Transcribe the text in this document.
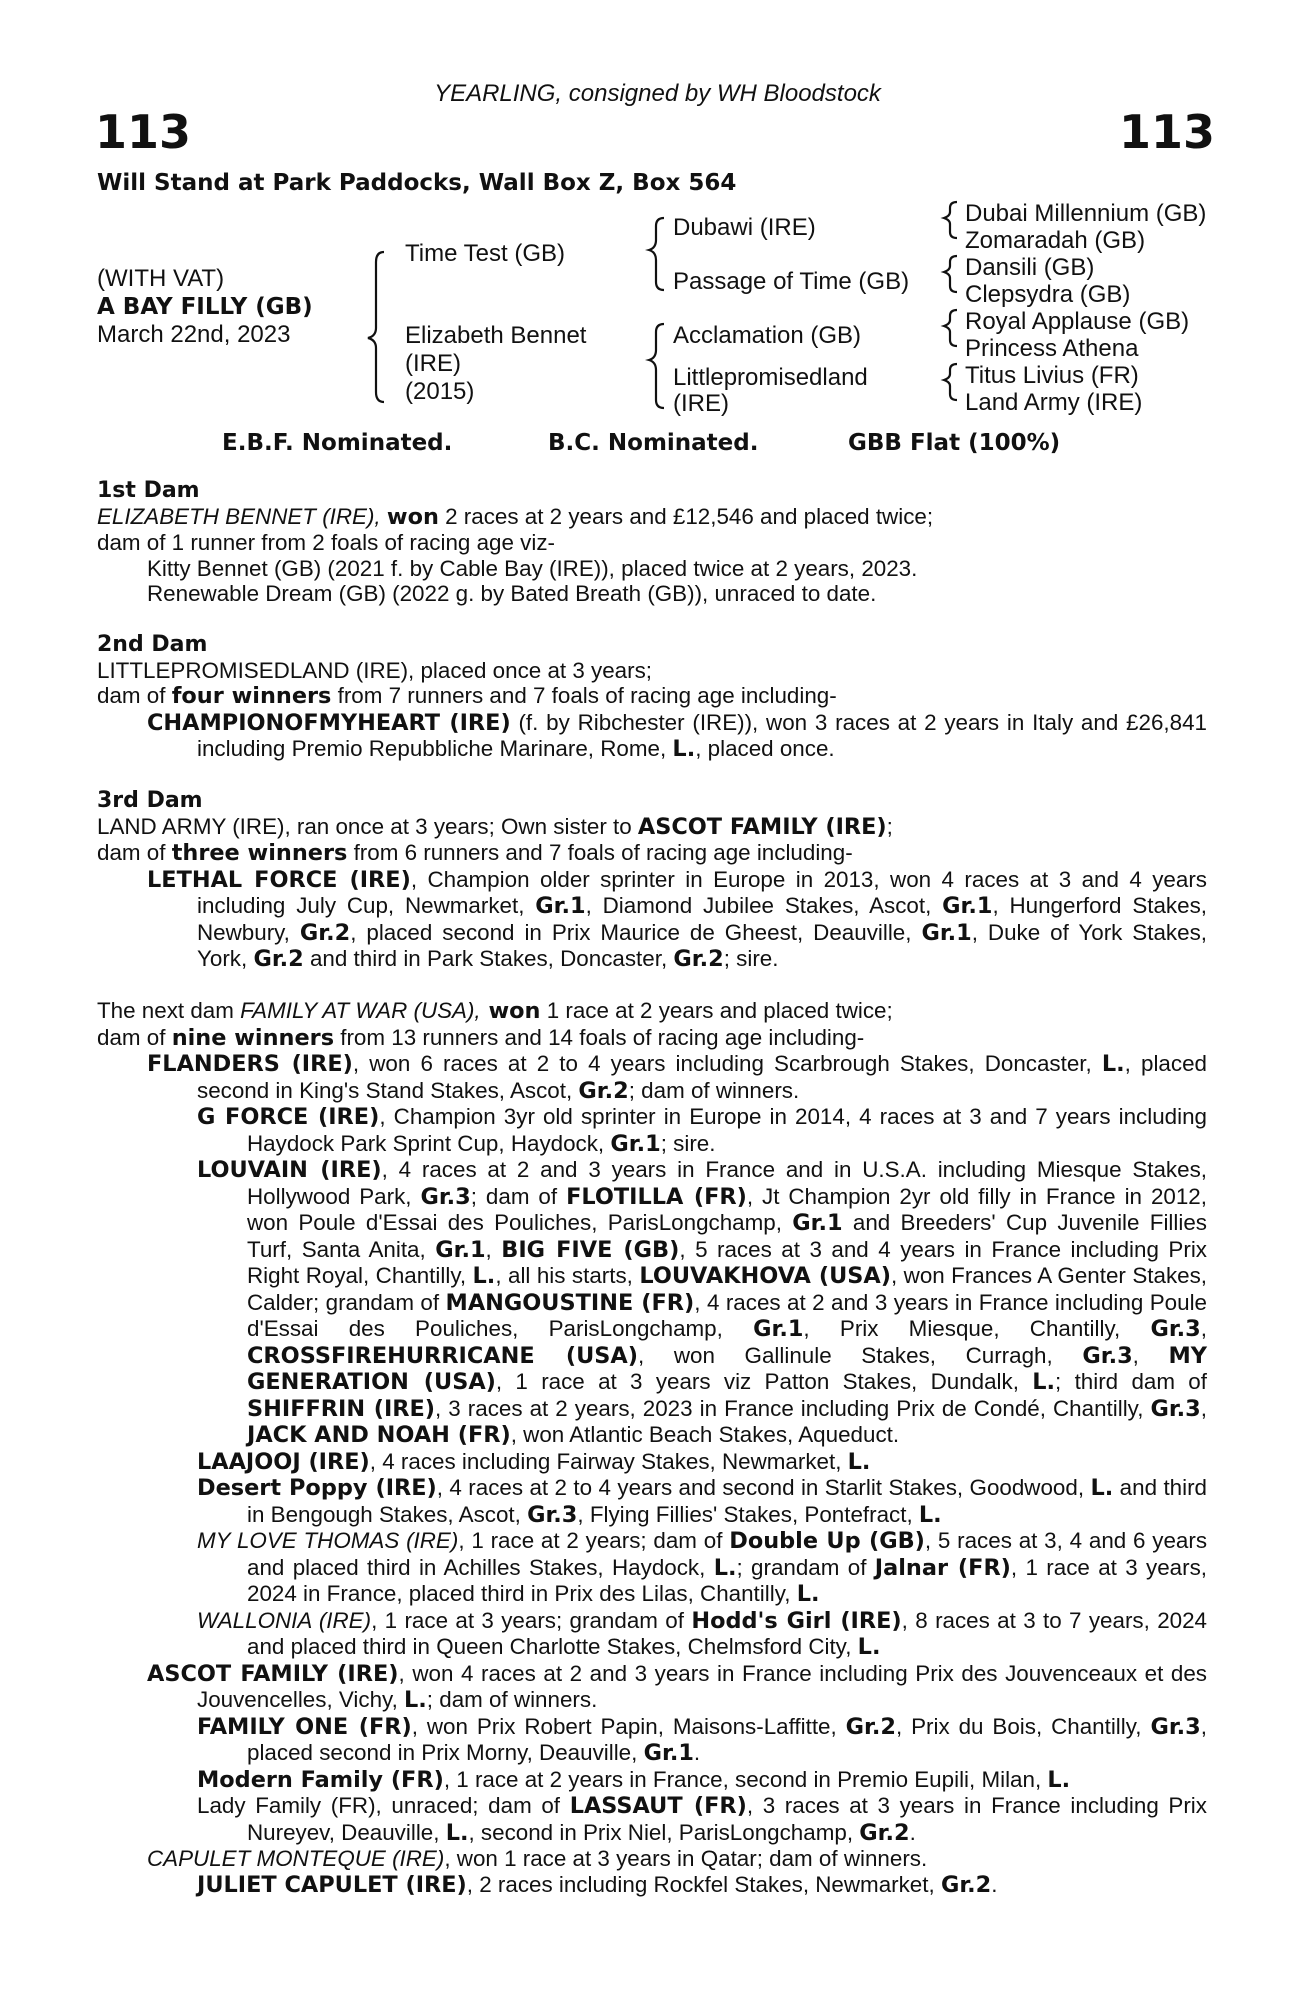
YEARLING, consigned by WH Bloodstock
113	113
Will Stand at Park Paddocks, Wall Box Z, Box 564
(WITH VAT)
A BAY FILLY (GB)
March 22nd, 2023
Time Test (GB)
Elizabeth Bennet
(IRE)
(2015)
Dubawi (IRE)
Passage of Time (GB)
Acclamation (GB)
Littlepromisedland
(IRE)
Dubai Millennium (GB)
Zomaradah (GB)
Dansili (GB)
Clepsydra (GB)
Royal Applause (GB)
Princess Athena
Titus Livius (FR)
Land Army (IRE)
E.B.F. Nominated.	B.C. Nominated.	GBB Flat (100%)
1st Dam
ELIZABETH BENNET (IRE), won 2 races at 2 years and £12,546 and placed twice;
dam of 1 runner from 2 foals of racing age viz-
Kitty Bennet (GB) (2021 f. by Cable Bay (IRE)), placed twice at 2 years, 2023.
Renewable Dream (GB) (2022 g. by Bated Breath (GB)), unraced to date.
2nd Dam
LITTLEPROMISEDLAND (IRE), placed once at 3 years;
dam of four winners from 7 runners and 7 foals of racing age including-
CHAMPIONOFMYHEART (IRE) (f. by Ribchester (IRE)), won 3 races at 2 years in Italy and £26,841 including Premio Repubbliche Marinare, Rome, L., placed once.
3rd Dam
LAND ARMY (IRE), ran once at 3 years; Own sister to ASCOT FAMILY (IRE);
dam of three winners from 6 runners and 7 foals of racing age including-
LETHAL FORCE (IRE), Champion older sprinter in Europe in 2013, won 4 races at 3 and 4 years including July Cup, Newmarket, Gr.1, Diamond Jubilee Stakes, Ascot, Gr.1, Hungerford Stakes, Newbury, Gr.2, placed second in Prix Maurice de Gheest, Deauville, Gr.1, Duke of York Stakes, York, Gr.2 and third in Park Stakes, Doncaster, Gr.2; sire.
The next dam FAMILY AT WAR (USA), won 1 race at 2 years and placed twice;
dam of nine winners from 13 runners and 14 foals of racing age including-
FLANDERS (IRE), won 6 races at 2 to 4 years including Scarbrough Stakes, Doncaster, L., placed second in King's Stand Stakes, Ascot, Gr.2; dam of winners.
G FORCE (IRE), Champion 3yr old sprinter in Europe in 2014, 4 races at 3 and 7 years including Haydock Park Sprint Cup, Haydock, Gr.1; sire.
LOUVAIN (IRE), 4 races at 2 and 3 years in France and in U.S.A. including Miesque Stakes, Hollywood Park, Gr.3; dam of FLOTILLA (FR), Jt Champion 2yr old filly in France in 2012, won Poule d'Essai des Pouliches, ParisLongchamp, Gr.1 and Breeders' Cup Juvenile Fillies Turf, Santa Anita, Gr.1, BIG FIVE (GB), 5 races at 3 and 4 years in France including Prix Right Royal, Chantilly, L., all his starts, LOUVAKHOVA (USA), won Frances A Genter Stakes, Calder; grandam of MANGOUSTINE (FR), 4 races at 2 and 3 years in France including Poule d'Essai des Pouliches, ParisLongchamp, Gr.1, Prix Miesque, Chantilly, Gr.3, CROSSFIREHURRICANE (USA), won Gallinule Stakes, Curragh, Gr.3, MY GENERATION (USA), 1 race at 3 years viz Patton Stakes, Dundalk, L.; third dam of SHIFFRIN (IRE), 3 races at 2 years, 2023 in France including Prix de Condé, Chantilly, Gr.3, JACK AND NOAH (FR), won Atlantic Beach Stakes, Aqueduct.
LAAJOOJ (IRE), 4 races including Fairway Stakes, Newmarket, L.
Desert Poppy (IRE), 4 races at 2 to 4 years and second in Starlit Stakes, Goodwood, L. and third in Bengough Stakes, Ascot, Gr.3, Flying Fillies' Stakes, Pontefract, L.
MY LOVE THOMAS (IRE), 1 race at 2 years; dam of Double Up (GB), 5 races at 3, 4 and 6 years and placed third in Achilles Stakes, Haydock, L.; grandam of Jalnar (FR), 1 race at 3 years, 2024 in France, placed third in Prix des Lilas, Chantilly, L.
WALLONIA (IRE), 1 race at 3 years; grandam of Hodd's Girl (IRE), 8 races at 3 to 7 years, 2024 and placed third in Queen Charlotte Stakes, Chelmsford City, L.
ASCOT FAMILY (IRE), won 4 races at 2 and 3 years in France including Prix des Jouvenceaux et des Jouvencelles, Vichy, L.; dam of winners.
FAMILY ONE (FR), won Prix Robert Papin, Maisons-Laffitte, Gr.2, Prix du Bois, Chantilly, Gr.3, placed second in Prix Morny, Deauville, Gr.1.
Modern Family (FR), 1 race at 2 years in France, second in Premio Eupili, Milan, L.
Lady Family (FR), unraced; dam of LASSAUT (FR), 3 races at 3 years in France including Prix Nureyev, Deauville, L., second in Prix Niel, ParisLongchamp, Gr.2.
CAPULET MONTEQUE (IRE), won 1 race at 3 years in Qatar; dam of winners.
JULIET CAPULET (IRE), 2 races including Rockfel Stakes, Newmarket, Gr.2.
